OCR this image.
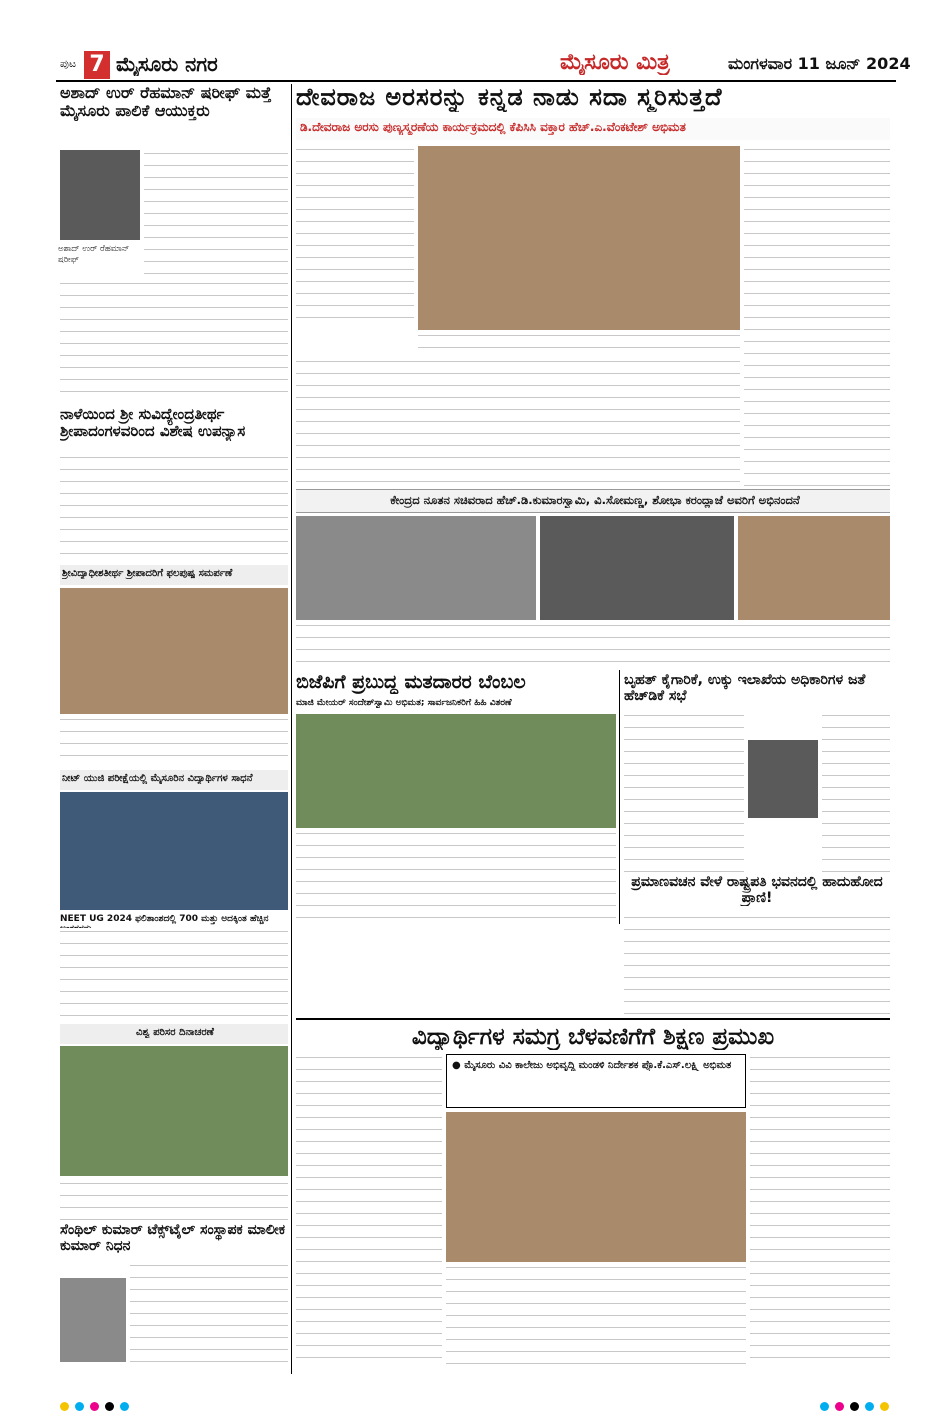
ಪುಟ 7 ಮೈಸೂರು ನಗರ	ಮೈಸೂರು ಮಿತ್ರ	ಮಂಗಳವಾರ 11 ಜೂನ್ 2024
ಅಶಾದ್ ಉರ್ ರೆಹಮಾನ್ ಷರೀಫ್ ಮತ್ತೆ ಮೈಸೂರು ಪಾಲಿಕೆ ಆಯುಕ್ತರು
ಅಶಾದ್ ಉರ್ ರೆಹಮಾನ್ ಷರೀಫ್
ನಾಳೆಯಿಂದ ಶ್ರೀ ಸುವಿದ್ಯೇಂದ್ರತೀರ್ಥ ಶ್ರೀಪಾದಂಗಳವರಿಂದ ವಿಶೇಷ ಉಪನ್ಯಾಸ
ಶ್ರೀವಿದ್ಯಾಧೀಶತೀರ್ಥ ಶ್ರೀಪಾದರಿಗೆ ಫಲಪುಷ್ಪ ಸಮರ್ಪಣೆ
ನೀಟ್ ಯುಜಿ ಪರೀಕ್ಷೆಯಲ್ಲಿ ಮೈಸೂರಿನ ವಿದ್ಯಾರ್ಥಿಗಳ ಸಾಧನೆ
NEET UG 2024 ಫಲಿತಾಂಶದಲ್ಲಿ 700 ಮತ್ತು ಅದಕ್ಕಿಂತ ಹೆಚ್ಚಿನ
ವಿಶ್ವ ಪರಿಸರ ದಿನಾಚರಣೆ
ಸೆಂಥಿಲ್ ಕುಮಾರ್ ಟೆಕ್ಸ್‌ಟೈಲ್ ಸಂಸ್ಥಾಪಕ ಮಾಲೀಕ ಕುಮಾರ್ ನಿಧನ
ದೇವರಾಜ ಅರಸರನ್ನು ಕನ್ನಡ ನಾಡು ಸದಾ ಸ್ಮರಿಸುತ್ತದೆ
ಡಿ.ದೇವರಾಜ ಅರಸು ಪುಣ್ಯಸ್ಮರಣೆಯ ಕಾರ್ಯಕ್ರಮದಲ್ಲಿ ಕೆಪಿಸಿಸಿ ವಕ್ತಾರ ಹೆಚ್.ಎ.ವೆಂಕಟೇಶ್ ಅಭಿಮತ
ಕೇಂದ್ರದ ನೂತನ ಸಚಿವರಾದ ಹೆಚ್.ಡಿ.ಕುಮಾರಸ್ವಾಮಿ, ವಿ.ಸೋಮಣ್ಣ, ಶೋಭಾ ಕರಂದ್ಲಾಜೆ ಅವರಿಗೆ ಅಭಿನಂದನೆ
ಬಿಜೆಪಿಗೆ ಪ್ರಬುದ್ಧ ಮತದಾರರ ಬೆಂಬಲ
ಮಾಜಿ ಮೇಯರ್ ಸಂದೇಶ್‌ಸ್ವಾಮಿ ಅಭಿಮತ; ಸಾರ್ವಜನಿಕರಿಗೆ ಹಿಹಿ ವಿತರಣೆ
ಬೃಹತ್ ಕೈಗಾರಿಕೆ, ಉಕ್ಕು ಇಲಾಖೆಯ ಅಧಿಕಾರಿಗಳ ಜತೆ ಹೆಚ್‌ಡಿಕೆ ಸಭೆ
ಪ್ರಮಾಣವಚನ ವೇಳೆ ರಾಷ್ಟ್ರಪತಿ ಭವನದಲ್ಲಿ ಹಾದುಹೋದ ಪ್ರಾಣಿ!
ವಿದ್ಯಾರ್ಥಿಗಳ ಸಮಗ್ರ ಬೆಳವಣಿಗೆಗೆ ಶಿಕ್ಷಣ ಪ್ರಮುಖ
● ಮೈಸೂರು ವಿವಿ ಕಾಲೇಜು ಅಭಿವೃದ್ಧಿ ಮಂಡಳಿ ನಿರ್ದೇಶಕ ಪ್ರೊ.ಕೆ.ಎಸ್.ಲಕ್ಷ್ಮಿ ಅಭಿಮತ
